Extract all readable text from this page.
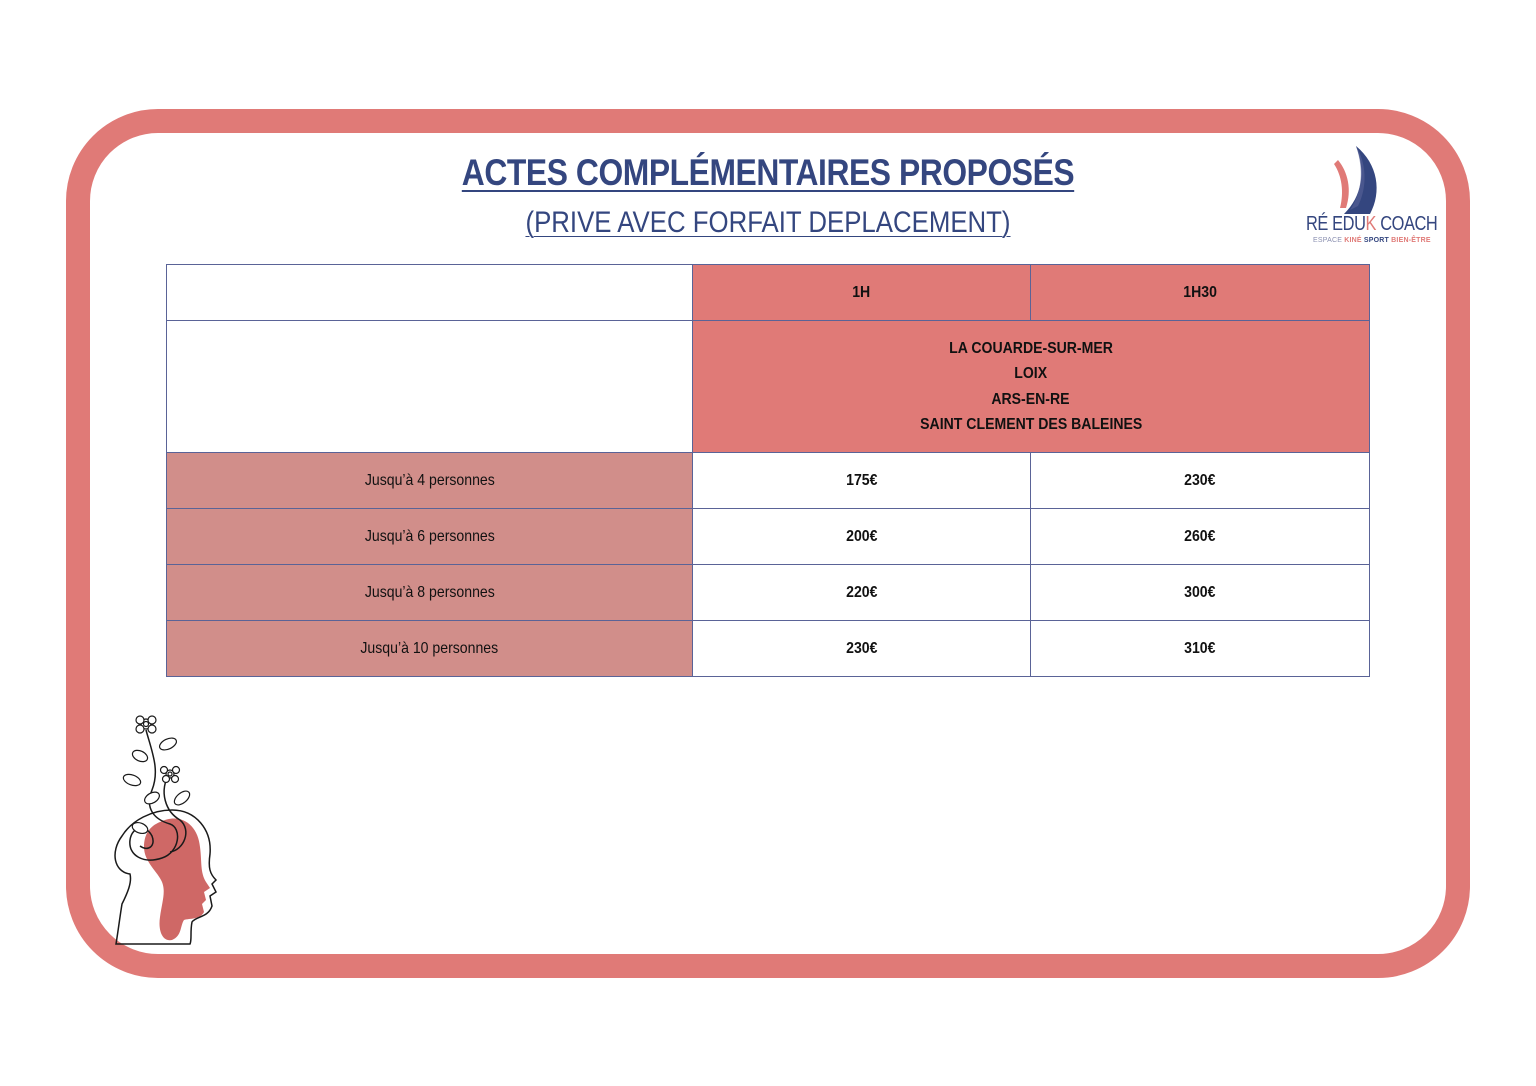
ACTES COMPLÉMENTAIRES PROPOSÉS
(PRIVE AVEC FORFAIT DEPLACEMENT)	RÉ EDUK COACH
ESPACE KINÉ SPORT BIEN-ÊTRE
	1H	1H30
	LA COUARDE-SUR-MER
LOIX
ARS-EN-RE
SAINT CLEMENT DES BALEINES	
Jusqu’à 4 personnes	175€	230€
Jusqu’à 6 personnes	200€	260€
Jusqu’à 8 personnes	220€	300€
Jusqu’à 10 personnes	230€	310€
